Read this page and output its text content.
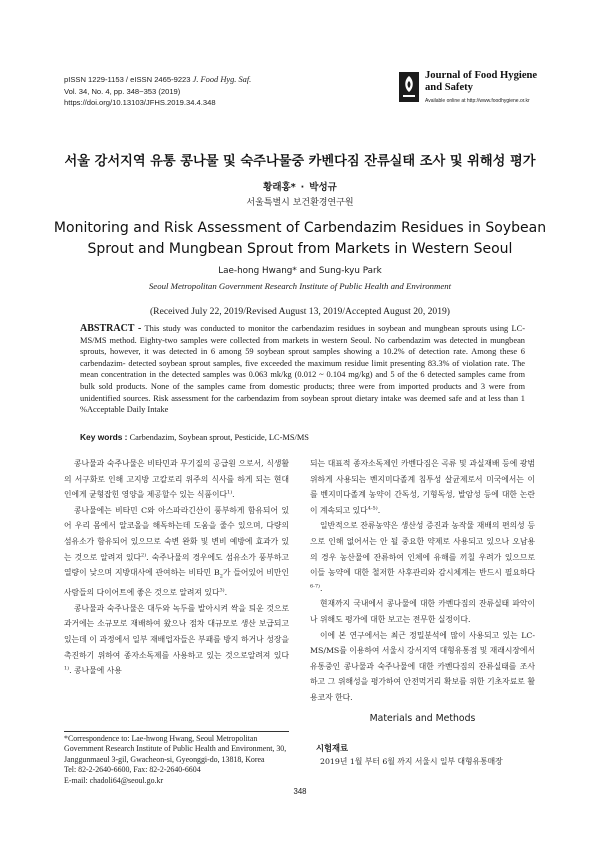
pISSN 1229-1153 / eISSN 2465-9223 J. Food Hyg. Saf.
Vol. 34, No. 4, pp. 348~353 (2019)
https://doi.org/10.13103/JFHS.2019.34.4.348
Journal of Food Hygiene
and Safety
Available online at http://www.foodhygiene.or.kr
서울 강서지역 유통 콩나물 및 숙주나물중 카벤다짐 잔류실태 조사 및 위해성 평가
황래홍* · 박성규
서울특별시 보건환경연구원
Monitoring and Risk Assessment of Carbendazim Residues in Soybean Sprout and Mungbean Sprout from Markets in Western Seoul
Lae-hong Hwang* and Sung-kyu Park
Seoul Metropolitan Government Research Institute of Public Health and Environment
(Received July 22, 2019/Revised August 13, 2019/Accepted August 20, 2019)
ABSTRACT - This study was conducted to monitor the carbendazim residues in soybean and mungbean sprouts using LC-MS/MS method. Eighty-two samples were collected from markets in western Seoul. No carbendazim was detected in mungbean sprouts, however, it was detected in 6 among 59 soybean sprout samples showing a 10.2% of detection rate. Among these 6 carbendazim- detected soybean sprout samples, five exceeded the maximum residue limit presenting 83.3% of violation rate. The mean concentration in the detected samples was 0.063 mk/kg (0.012 ~ 0.104 mg/kg) and 5 of the 6 detected samples came from bulk sold products. None of the samples came from domestic products; three were from imported products and 3 were from unidentified sources. Risk assessment for the carbendazim from soybean sprout dietary intake was deemed safe and at less than 1 %Acceptable Daily Intake
Key words : Carbendazim, Soybean sprout, Pesticide, LC-MS/MS

콩나물과 숙주나물은 비타민과 무기질의 공급원 으로서, 식생활의 서구화로 인해 고지방 고칼로리 위주의 식사를 하게 되는 현대인에게 균형잡힌 영양을 제공할수 있는 식품이다$^{1)}$.

콩나물에는 비타민 C와 아스파라긴산이 풍부하게 함유되어 있어 우리 몸에서 알코올을 해독하는데 도움을 줄수 있으며, 다량의 섬유소가 함유되어 있으므로 숙변 완화 및 변비 예방에 효과가 있는 것으로 알려져 있다$^{2)}$. 숙주나물의 경우에도 섬유소가 풍부하고 열량이 낮으며 지방대사에 관여하는 비타민 $B_2$가 들어있어 비만인 사람들의 다이어트에 좋은 것으로 알려져 있다$^{3)}$.

콩나물과 숙주나물은 대두와 녹두를 발아시켜 싹을 틔운 것으로 과거에는 소규모로 재배하여 왔으나 점차 대규모로 생산 보급되고 있는데 이 과정에서 일부 재배업자들은 부패를 방지 하거나 성장을 촉진하기 위하여 종자소독제를 사용하고 있는 것으로알려져 있다$^{1)}$. 콩나물에 사용

되는 대표적 종자소독제인 카벤다짐은 곡류 및 과실재배 등에 광범위하게 사용되는 벤지미다졸계 침투성 살균제로서 미국에서는 이를 벤지미다졸계 농약이 간독성, 기형독성, 발암성 등에 대한 논란이 계속되고 있다$^{4-5)}$.

일반적으로 잔류농약은 생산성 증진과 농작물 재배의 편의성 등으로 인해 없어서는 안 될 중요한 약제로 사용되고 있으나 오남용의 경우 농산물에 잔류하여 인체에 유해를 끼칠 우려가 있으므로 이들 농약에 대한 철저한 사후관리와 감시체계는 반드시 필요하다$^{6-7)}$.

현재까지 국내에서 콩나물에 대한 카벤다짐의 잔류실태 파악이나 위해도 평가에 대한 보고는 전무한 실정이다.

이에 본 연구에서는 최근 정밀분석에 많이 사용되고 있는 LC-MS/MS를 이용하여 서울시 강서지역 대형유통점 및 재래시장에서 유통중인 콩나물과 숙주나물에 대한 카벤다짐의 잔류실태를 조사하고 그 위해성을 평가하여 안전먹거리 확보를 위한 기초자료로 활용코자 한다.

*Correspondence to: Lae-hwong Hwang, Seoul Metropolitan Government Research Institute of Public Health and Environment, 30, Janggunmaeul 3-gil, Gwacheon-si, Gyeonggi-do, 13818, Korea
Tel: 82-2-2640-6600, Fax: 82-2-2640-6604
E-mail: chadoli64@seoul.go.kr
Materials and Methods
시험재료
2019년 1월 부터 6월 까지 서울시 일부 대형유통매장
348
